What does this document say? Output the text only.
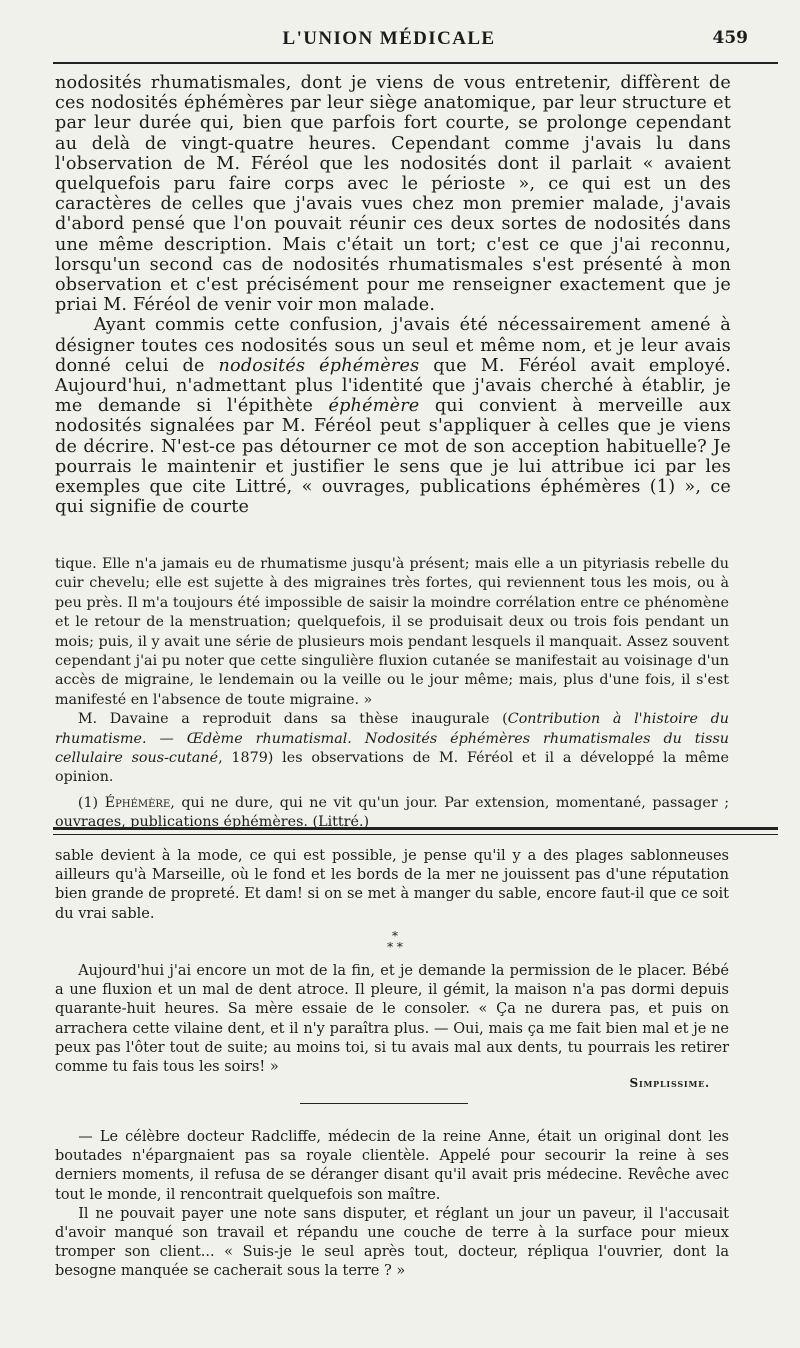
L'UNION MÉDICALE	459

nodosités rhumatismales, dont je viens de vous entretenir, diffèrent de ces nodosités éphémères par leur siège anatomique, par leur structure et par leur durée qui, bien que parfois fort courte, se prolonge cependant au delà de vingt-quatre heures. Cependant comme j'avais lu dans l'observation de M. Féréol que les nodosités dont il parlait « avaient quelquefois paru faire corps avec le périoste », ce qui est un des caractères de celles que j'avais vues chez mon premier malade, j'avais d'abord pensé que l'on pouvait réunir ces deux sortes de nodosités dans une même description. Mais c'était un tort; c'est ce que j'ai reconnu, lorsqu'un second cas de nodosités rhumatismales s'est présenté à mon observation et c'est précisément pour me renseigner exactement que je priai M. Féréol de venir voir mon malade.

Ayant commis cette confusion, j'avais été nécessairement amené à désigner toutes ces nodosités sous un seul et même nom, et je leur avais donné celui de nodosités éphémères que M. Féréol avait employé. Aujourd'hui, n'admettant plus l'identité que j'avais cherché à établir, je me demande si l'épithète éphémère qui convient à merveille aux nodosités signalées par M. Féréol peut s'appliquer à celles que je viens de décrire. N'est-ce pas détourner ce mot de son acception habituelle? Je pourrais le maintenir et justifier le sens que je lui attribue ici par les exemples que cite Littré, « ouvrages, publications éphémères (1) », ce qui signifie de courte

tique. Elle n'a jamais eu de rhumatisme jusqu'à présent; mais elle a un pityriasis rebelle du cuir chevelu; elle est sujette à des migraines très fortes, qui reviennent tous les mois, ou à peu près. Il m'a toujours été impossible de saisir la moindre corrélation entre ce phénomène et le retour de la menstruation; quelquefois, il se produisait deux ou trois fois pendant un mois; puis, il y avait une série de plusieurs mois pendant lesquels il manquait. Assez souvent cependant j'ai pu noter que cette singulière fluxion cutanée se manifestait au voisinage d'un accès de migraine, le lendemain ou la veille ou le jour même; mais, plus d'une fois, il s'est manifesté en l'absence de toute migraine. »

M. Davaine a reproduit dans sa thèse inaugurale (Contribution à l'histoire du rhumatisme. — Œdème rhumatismal. Nodosités éphémères rhumatismales du tissu cellulaire sous-cutané, 1879) les observations de M. Féréol et il a développé la même opinion.

(1) Éphémère, qui ne dure, qui ne vit qu'un jour. Par extension, momentané, passager ; ouvrages, publications éphémères. (Littré.)

sable devient à la mode, ce qui est possible, je pense qu'il y a des plages sablonneuses ailleurs qu'à Marseille, où le fond et les bords de la mer ne jouissent pas d'une réputation bien grande de propreté. Et dam! si on se met à manger du sable, encore faut-il que ce soit du vrai sable.

*
* *

Aujourd'hui j'ai encore un mot de la fin, et je demande la permission de le placer. Bébé a une fluxion et un mal de dent atroce. Il pleure, il gémit, la maison n'a pas dormi depuis quarante-huit heures. Sa mère essaie de le consoler. « Ça ne durera pas, et puis on arrachera cette vilaine dent, et il n'y paraîtra plus. — Oui, mais ça me fait bien mal et je ne peux pas l'ôter tout de suite; au moins toi, si tu avais mal aux dents, tu pourrais les retirer comme tu fais tous les soirs! »

Simplissime.

— Le célèbre docteur Radcliffe, médecin de la reine Anne, était un original dont les boutades n'épargnaient pas sa royale clientèle. Appelé pour secourir la reine à ses derniers moments, il refusa de se déranger disant qu'il avait pris médecine. Revêche avec tout le monde, il rencontrait quelquefois son maître.

Il ne pouvait payer une note sans disputer, et réglant un jour un paveur, il l'accusait d'avoir manqué son travail et répandu une couche de terre à la surface pour mieux tromper son client... « Suis-je le seul après tout, docteur, répliqua l'ouvrier, dont la besogne manquée se cacherait sous la terre ? »
